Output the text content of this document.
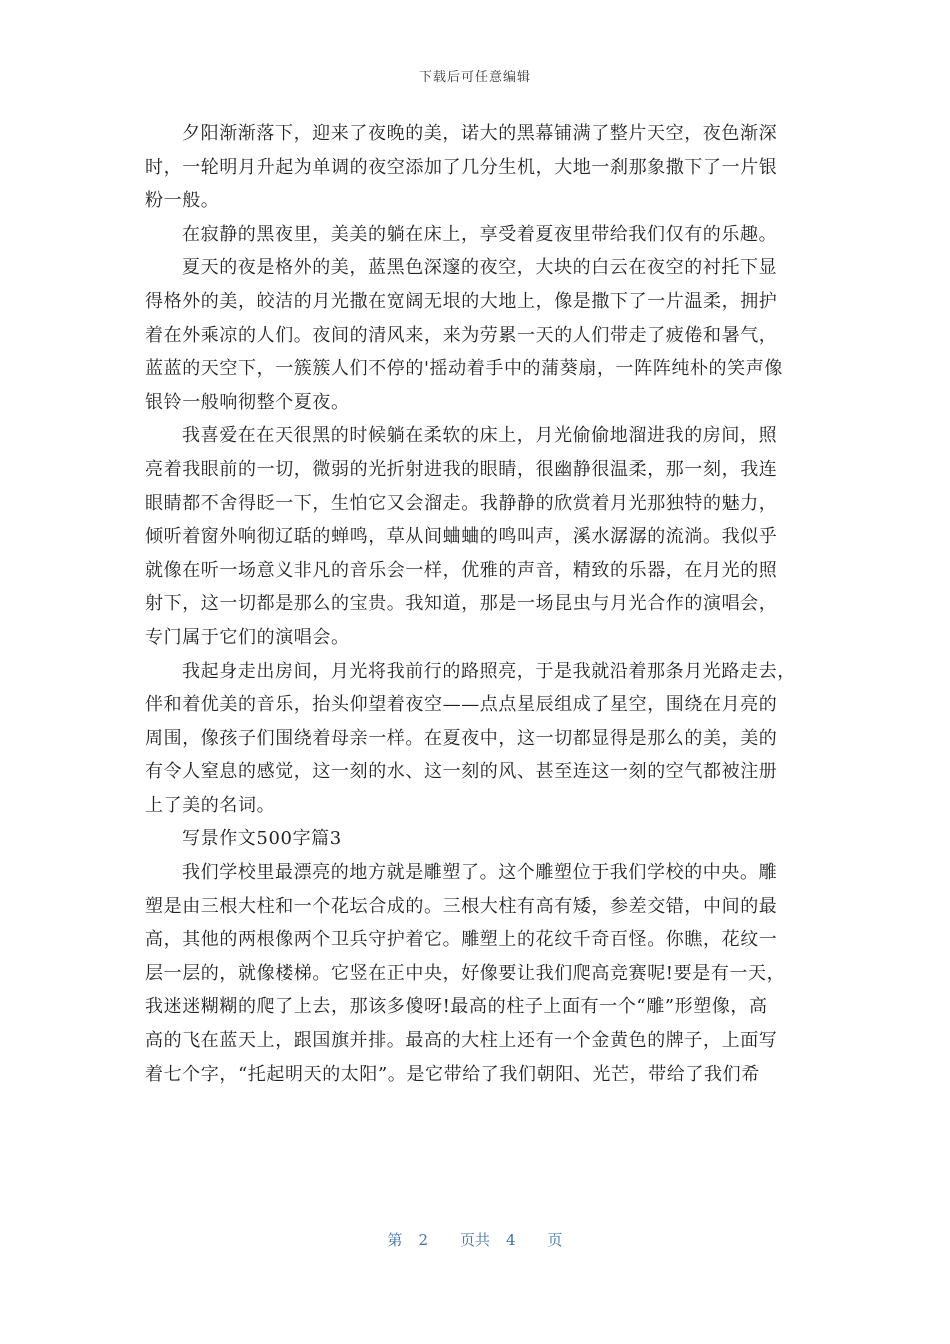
下载后可任意编辑
夕阳渐渐落下，迎来了夜晚的美，诺大的黑幕铺满了整片天空，夜色渐深
时，一轮明月升起为单调的夜空添加了几分生机，大地一刹那象撒下了一片银
粉一般。
在寂静的黑夜里，美美的躺在床上，享受着夏夜里带给我们仅有的乐趣。
夏天的夜是格外的美，蓝黑色深邃的夜空，大块的白云在夜空的衬托下显
得格外的美，皎洁的月光撒在宽阔无垠的大地上，像是撒下了一片温柔，拥护
着在外乘凉的人们。夜间的清风来，来为劳累一天的人们带走了疲倦和暑气，
蓝蓝的天空下，一簇簇人们不停的'摇动着手中的蒲葵扇，一阵阵纯朴的笑声像
银铃一般响彻整个夏夜。
我喜爱在在天很黑的时候躺在柔软的床上，月光偷偷地溜进我的房间，照
亮着我眼前的一切，微弱的光折射进我的眼睛，很幽静很温柔，那一刻，我连
眼睛都不舍得眨一下，生怕它又会溜走。我静静的欣赏着月光那独特的魅力，
倾听着窗外响彻辽聒的蝉鸣，草从间蛐蛐的鸣叫声，溪水潺潺的流淌。我似乎
就像在听一场意义非凡的音乐会一样，优雅的声音，精致的乐器，在月光的照
射下，这一切都是那么的宝贵。我知道，那是一场昆虫与月光合作的演唱会，
专门属于它们的演唱会。
我起身走出房间，月光将我前行的路照亮，于是我就沿着那条月光路走去，
伴和着优美的音乐，抬头仰望着夜空——点点星辰组成了星空，围绕在月亮的
周围，像孩子们围绕着母亲一样。在夏夜中，这一切都显得是那么的美，美的
有令人窒息的感觉，这一刻的水、这一刻的风、甚至连这一刻的空气都被注册
上了美的名词。
写景作文500字篇3
我们学校里最漂亮的地方就是雕塑了。这个雕塑位于我们学校的中央。雕
塑是由三根大柱和一个花坛合成的。三根大柱有高有矮，参差交错，中间的最
高，其他的两根像两个卫兵守护着它。雕塑上的花纹千奇百怪。你瞧，花纹一
层一层的，就像楼梯。它竖在正中央，好像要让我们爬高竞赛呢!要是有一天，
我迷迷糊糊的爬了上去，那该多傻呀!最高的柱子上面有一个“雕”形塑像，高
高的飞在蓝天上，跟国旗并排。最高的大柱上还有一个金黄色的牌子，上面写
着七个字，“托起明天的太阳”。是它带给了我们朝阳、光芒，带给了我们希
第 2 页共 4 页
